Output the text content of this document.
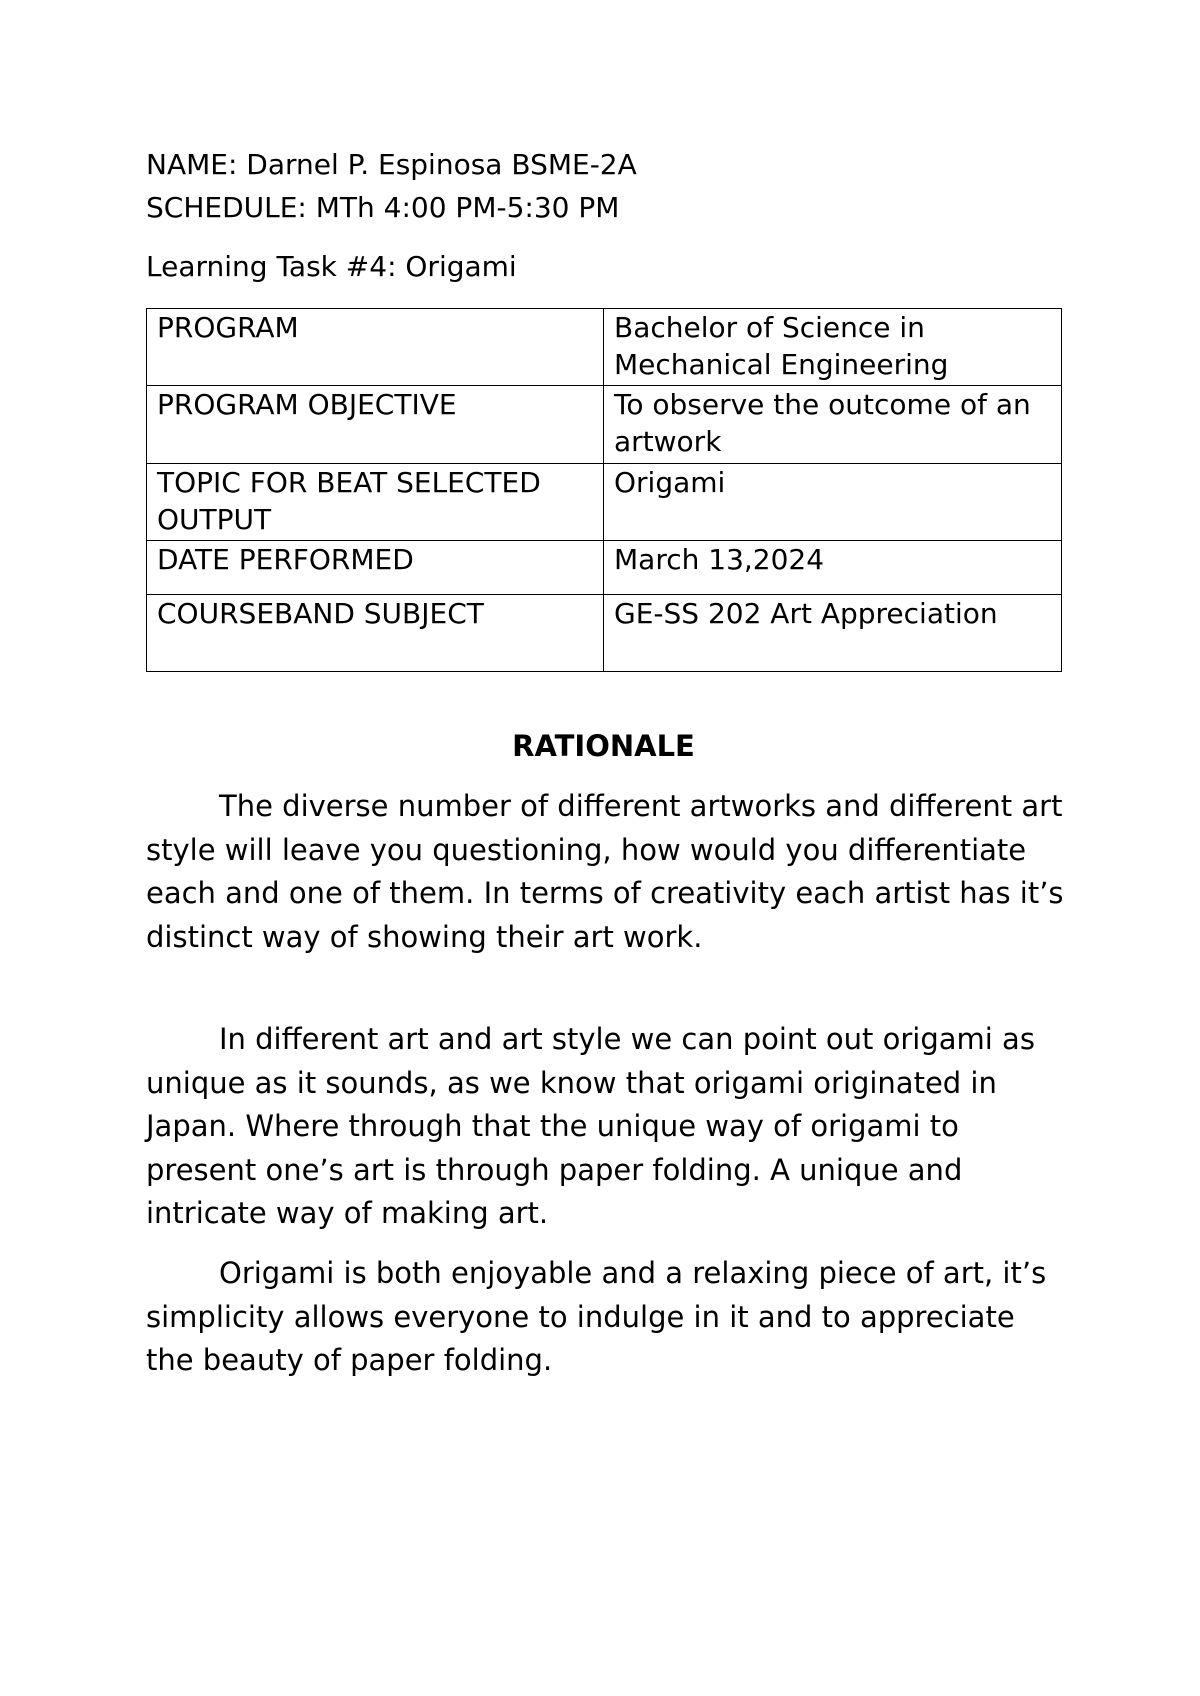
NAME: Darnel P. Espinosa BSME-2A
SCHEDULE: MTh 4:00 PM-5:30 PM
Learning Task #4: Origami
PROGRAM	Bachelor of Science in Mechanical Engineering
PROGRAM OBJECTIVE	To observe the outcome of an artwork
TOPIC FOR BEAT SELECTED OUTPUT	Origami
DATE PERFORMED	March 13,2024
COURSEBAND SUBJECT	GE-SS 202 Art Appreciation
RATIONALE

The diverse number of different artworks and different art style will leave you questioning, how would you differentiate each and one of them. In terms of creativity each artist has it’s distinct way of showing their art work.

In different art and art style we can point out origami as unique as it sounds, as we know that origami originated in Japan. Where through that the unique way of origami to present one’s art is through paper folding. A unique and intricate way of making art.

Origami is both enjoyable and a relaxing piece of art, it’s simplicity allows everyone to indulge in it and to appreciate the beauty of paper folding.
